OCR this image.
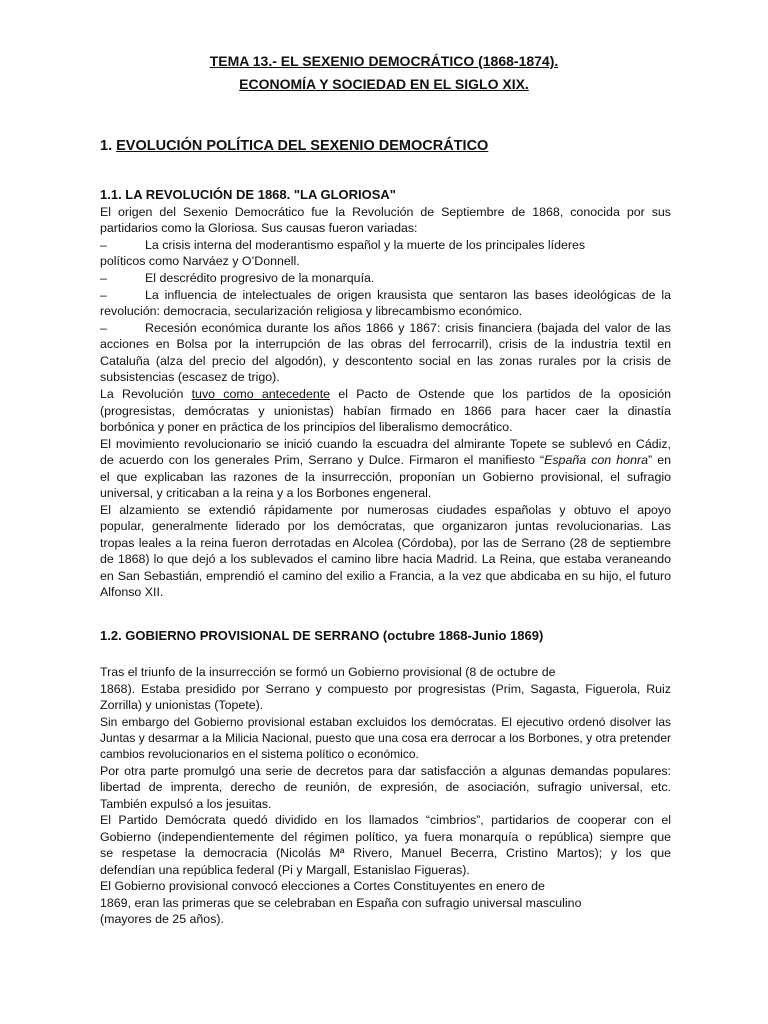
TEMA 13.- EL SEXENIO DEMOCRÁTICO (1868-1874).
ECONOMÍA Y SOCIEDAD EN EL SIGLO XIX.
1. EVOLUCIÓN POLÍTICA DEL SEXENIO DEMOCRÁTICO
1.1. LA REVOLUCIÓN DE 1868. "LA GLORIOSA"
El origen del Sexenio Democrático fue la Revolución de Septiembre de 1868, conocida por sus
partidarios como la Gloriosa. Sus causas fueron variadas:
–	La crisis interna del moderantismo español y la muerte de los principales líderes
políticos como Narváez y O’Donnell.
–	El descrédito progresivo de la monarquía.
–	La influencia de intelectuales de origen krausista que sentaron las bases ideológicas de la
revolución: democracia, secularización religiosa y librecambismo económico.
–	Recesión económica durante los años 1866 y 1867: crisis financiera (bajada del valor de las
acciones en Bolsa por la interrupción de las obras del ferrocarril), crisis de la industria textil en
Cataluña (alza del precio del algodón), y descontento social en las zonas rurales por la crisis de
subsistencias (escasez de trigo).
La Revolución tuvo como antecedente el Pacto de Ostende que los partidos de la oposición
(progresistas, demócratas y unionistas) habían firmado en 1866 para hacer caer la dinastía
borbónica y poner en práctica de los principios del liberalismo democrático.
El movimiento revolucionario se inició cuando la escuadra del almirante Topete se sublevó en Cádiz,
de acuerdo con los generales Prim, Serrano y Dulce. Firmaron el manifiesto “España con honra” en
el que explicaban las razones de la insurrección, proponían un Gobierno provisional, el sufragio
universal, y criticaban a la reina y a los Borbones engeneral.
El alzamiento se extendió rápidamente por numerosas ciudades españolas y obtuvo el apoyo
popular, generalmente liderado por los demócratas, que organizaron juntas revolucionarias. Las
tropas leales a la reina fueron derrotadas en Alcolea (Córdoba), por las de Serrano (28 de septiembre
de 1868) lo que dejó a los sublevados el camino libre hacia Madrid. La Reina, que estaba veraneando
en San Sebastián, emprendió el camino del exilio a Francia, a la vez que abdicaba en su hijo, el futuro
Alfonso XII.
1.2. GOBIERNO PROVISIONAL DE SERRANO (octubre 1868-Junio 1869)
Tras el triunfo de la insurrección se formó un Gobierno provisional (8 de octubre de
1868). Estaba presidido por Serrano y compuesto por progresistas (Prim, Sagasta, Figuerola, Ruiz
Zorrilla) y unionistas (Topete).
Sin embargo del Gobierno provisional estaban excluidos los demócratas. El ejecutivo ordenó disolver las
Juntas y desarmar a la Milicia Nacional, puesto que una cosa era derrocar a los Borbones, y otra pretender
cambios revolucionarios en el sistema político o económico.
Por otra parte promulgó una serie de decretos para dar satisfacción a algunas demandas populares:
libertad de imprenta, derecho de reunión, de expresión, de asociación, sufragio universal, etc.
También expulsó a los jesuitas.
El Partido Demócrata quedó dividido en los llamados “cimbrios”, partidarios de cooperar con el
Gobierno (independientemente del régimen político, ya fuera monarquía o república) siempre que
se respetase la democracia (Nicolás Mª Rivero, Manuel Becerra, Cristino Martos); y los que
defendían una república federal (Pi y Margall, Estanislao Figueras).
El Gobierno provisional convocó elecciones a Cortes Constituyentes en enero de
1869, eran las primeras que se celebraban en España con sufragio universal masculino
(mayores de 25 años).
